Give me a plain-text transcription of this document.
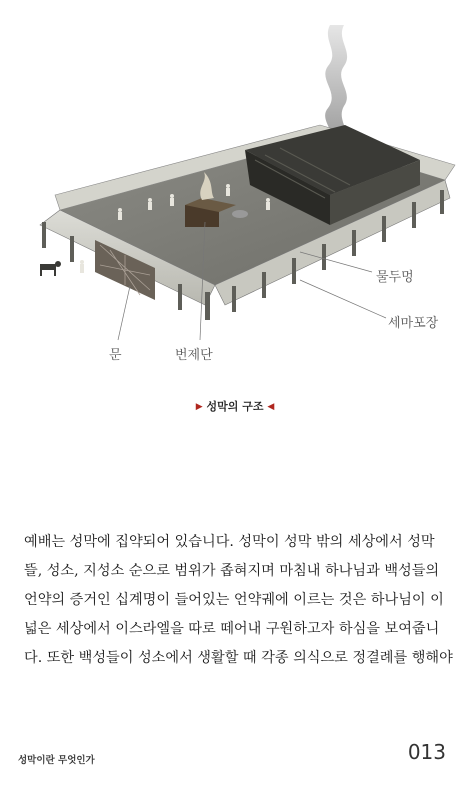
물두멍
세마포장
문	번제단
▶ 성막의 구조 ◀
예배는 성막에 집약되어 있습니다. 성막이 성막 밖의 세상에서 성막
뜰, 성소, 지성소 순으로 범위가 좁혀지며 마침내 하나님과 백성들의
언약의 증거인 십계명이 들어있는 언약궤에 이르는 것은 하나님이 이
넓은 세상에서 이스라엘을 따로 떼어내 구원하고자 하심을 보여줍니
다. 또한 백성들이 성소에서 생활할 때 각종 의식으로 정결례를 행해야
성막이란 무엇인가	013
